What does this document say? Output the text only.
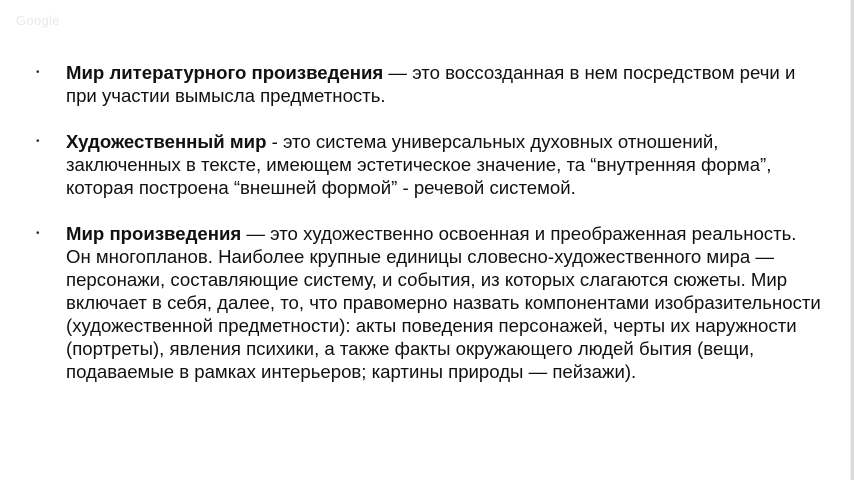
Google
• Мир литературного произведения — это воссозданная в нем посредством речи и при участии вымысла предметность.
• Художественный мир - это система универсальных духовных отношений, заключенных в тексте, имеющем эстетическое значение, та “внутренняя форма”, которая построена “внешней формой” - речевой системой.
• Мир произведения — это художественно освоенная и преображенная реальность. Он многопланов. Наиболее крупные единицы словесно-художественного мира — персонажи, составляющие систему, и события, из которых слагаются сюжеты. Мир включает в себя, далее, то, что правомерно назвать компонентами изобразительности (художественной предметности): акты поведения персонажей, черты их наружности (портреты), явления психики, а также факты окружающего людей бытия (вещи, подаваемые в рамках интерьеров; картины природы — пейзажи).
